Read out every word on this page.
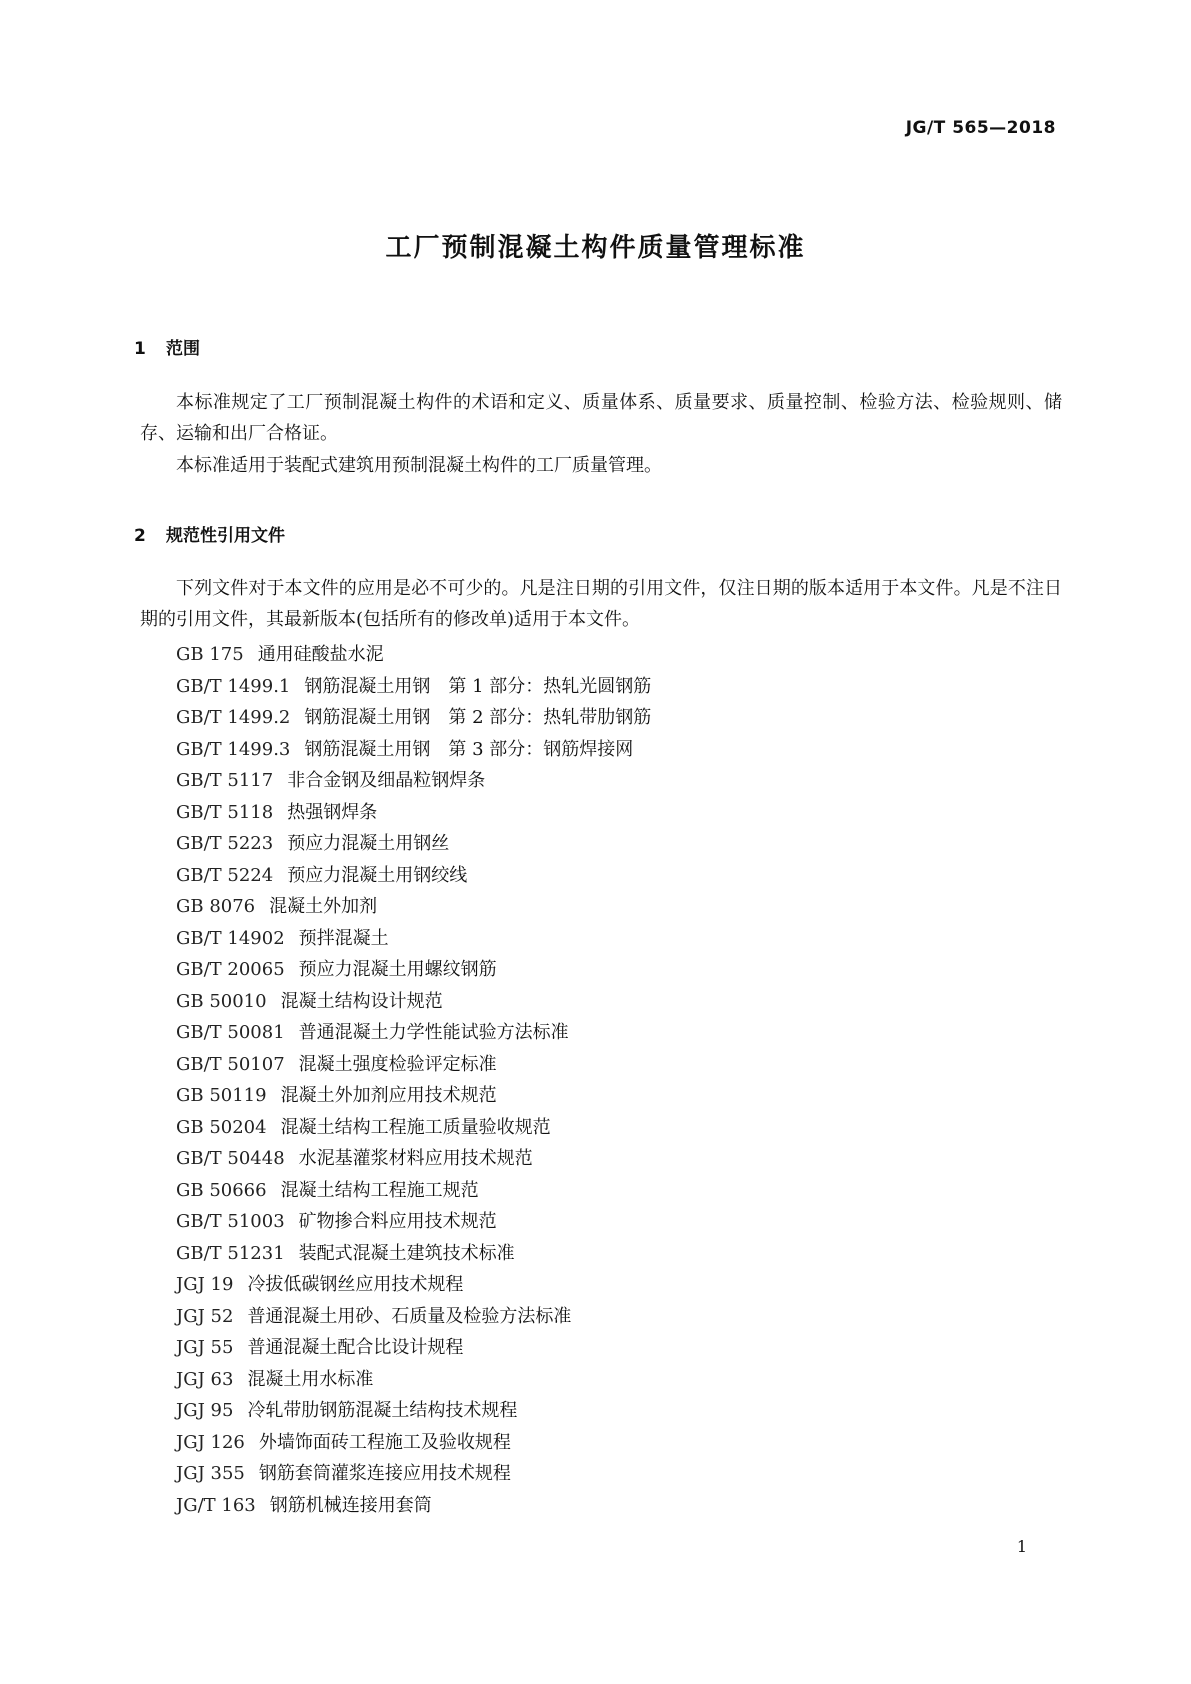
JG/T 565—2018
工厂预制混凝土构件质量管理标准
1 范围

本标准规定了工厂预制混凝土构件的术语和定义、质量体系、质量要求、质量控制、检验方法、检验规则、储存、运输和出厂合格证。

本标准适用于装配式建筑用预制混凝土构件的工厂质量管理。

2 规范性引用文件

下列文件对于本文件的应用是必不可少的。凡是注日期的引用文件，仅注日期的版本适用于本文件。凡是不注日期的引用文件，其最新版本(包括所有的修改单)适用于本文件。

GB 175 通用硅酸盐水泥
GB/T 1499.1 钢筋混凝土用钢　第 1 部分：热轧光圆钢筋
GB/T 1499.2 钢筋混凝土用钢　第 2 部分：热轧带肋钢筋
GB/T 1499.3 钢筋混凝土用钢　第 3 部分：钢筋焊接网
GB/T 5117 非合金钢及细晶粒钢焊条
GB/T 5118 热强钢焊条
GB/T 5223 预应力混凝土用钢丝
GB/T 5224 预应力混凝土用钢绞线
GB 8076 混凝土外加剂
GB/T 14902 预拌混凝土
GB/T 20065 预应力混凝土用螺纹钢筋
GB 50010 混凝土结构设计规范
GB/T 50081 普通混凝土力学性能试验方法标准
GB/T 50107 混凝土强度检验评定标准
GB 50119 混凝土外加剂应用技术规范
GB 50204 混凝土结构工程施工质量验收规范
GB/T 50448 水泥基灌浆材料应用技术规范
GB 50666 混凝土结构工程施工规范
GB/T 51003 矿物掺合料应用技术规范
GB/T 51231 装配式混凝土建筑技术标准
JGJ 19 冷拔低碳钢丝应用技术规程
JGJ 52 普通混凝土用砂、石质量及检验方法标准
JGJ 55 普通混凝土配合比设计规程
JGJ 63 混凝土用水标准
JGJ 95 冷轧带肋钢筋混凝土结构技术规程
JGJ 126 外墙饰面砖工程施工及验收规程
JGJ 355 钢筋套筒灌浆连接应用技术规程
JG/T 163 钢筋机械连接用套筒
1
